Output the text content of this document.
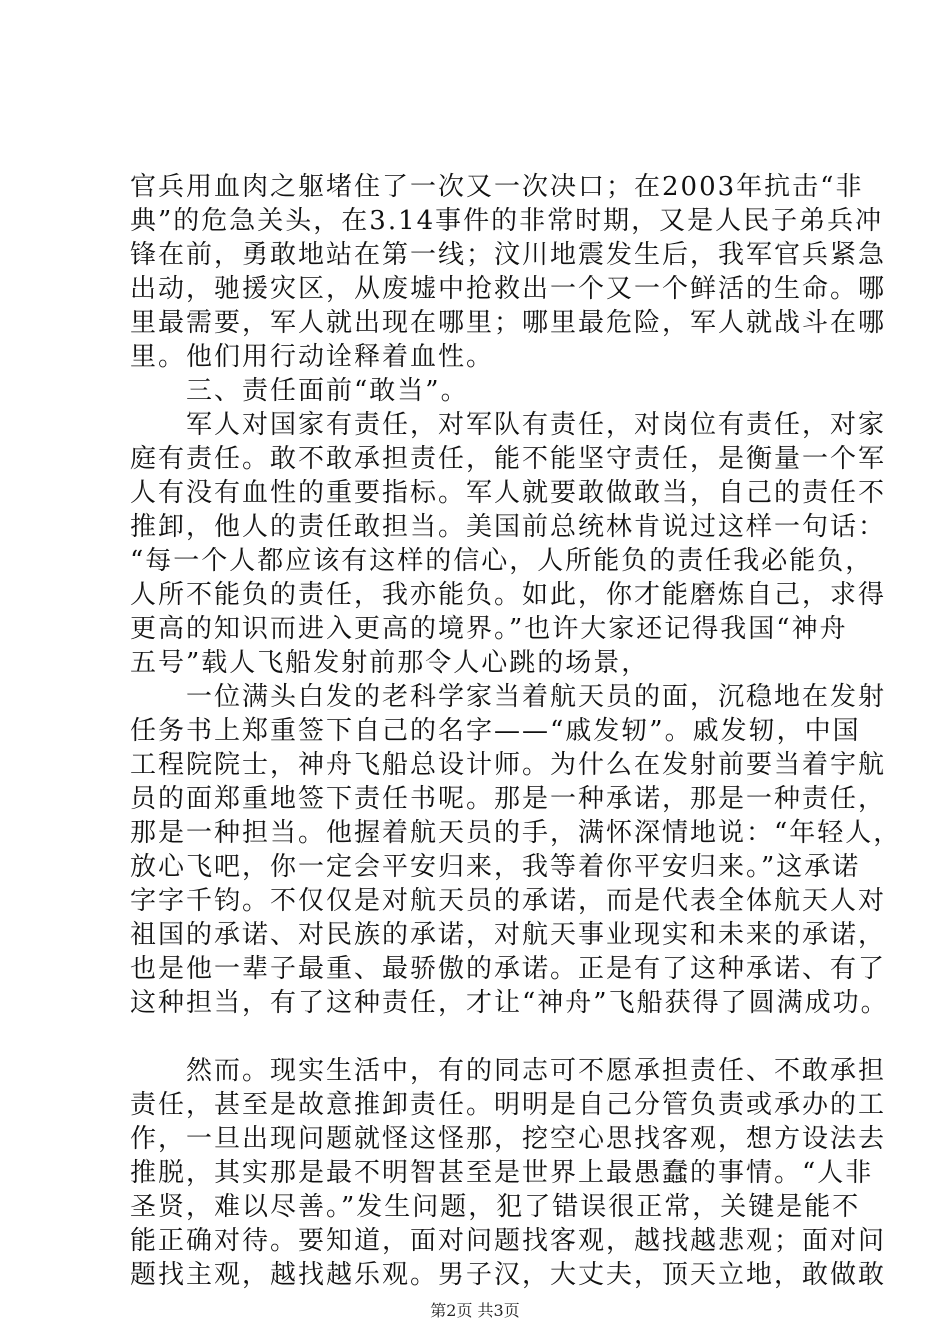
官兵用血肉之躯堵住了一次又一次决口；在2003年抗击“非
典”的危急关头，在3.14事件的非常时期，又是人民子弟兵冲
锋在前，勇敢地站在第一线；汶川地震发生后，我军官兵紧急
出动，驰援灾区，从废墟中抢救出一个又一个鲜活的生命。哪
里最需要，军人就出现在哪里；哪里最危险，军人就战斗在哪
里。他们用行动诠释着血性。
　　三、责任面前“敢当”。
　　军人对国家有责任，对军队有责任，对岗位有责任，对家
庭有责任。敢不敢承担责任，能不能坚守责任，是衡量一个军
人有没有血性的重要指标。军人就要敢做敢当，自己的责任不
推卸，他人的责任敢担当。美国前总统林肯说过这样一句话：
“每一个人都应该有这样的信心，人所能负的责任我必能负，
人所不能负的责任，我亦能负。如此，你才能磨炼自己，求得
更高的知识而进入更高的境界。”也许大家还记得我国“神舟
五号”载人飞船发射前那令人心跳的场景，
　　一位满头白发的老科学家当着航天员的面，沉稳地在发射
任务书上郑重签下自己的名字——“戚发轫”。戚发轫，中国
工程院院士，神舟飞船总设计师。为什么在发射前要当着宇航
员的面郑重地签下责任书呢。那是一种承诺，那是一种责任，
那是一种担当。他握着航天员的手，满怀深情地说：“年轻人，
放心飞吧，你一定会平安归来，我等着你平安归来。”这承诺
字字千钧。不仅仅是对航天员的承诺，而是代表全体航天人对
祖国的承诺、对民族的承诺，对航天事业现实和未来的承诺，
也是他一辈子最重、最骄傲的承诺。正是有了这种承诺、有了
这种担当，有了这种责任，才让“神舟”飞船获得了圆满成功。
　　然而。现实生活中，有的同志可不愿承担责任、不敢承担
责任，甚至是故意推卸责任。明明是自己分管负责或承办的工
作，一旦出现问题就怪这怪那，挖空心思找客观，想方设法去
推脱，其实那是最不明智甚至是世界上最愚蠢的事情。“人非
圣贤，难以尽善。”发生问题，犯了错误很正常，关键是能不
能正确对待。要知道，面对问题找客观，越找越悲观；面对问
题找主观，越找越乐观。男子汉，大丈夫，顶天立地，敢做敢
第2页 共3页
